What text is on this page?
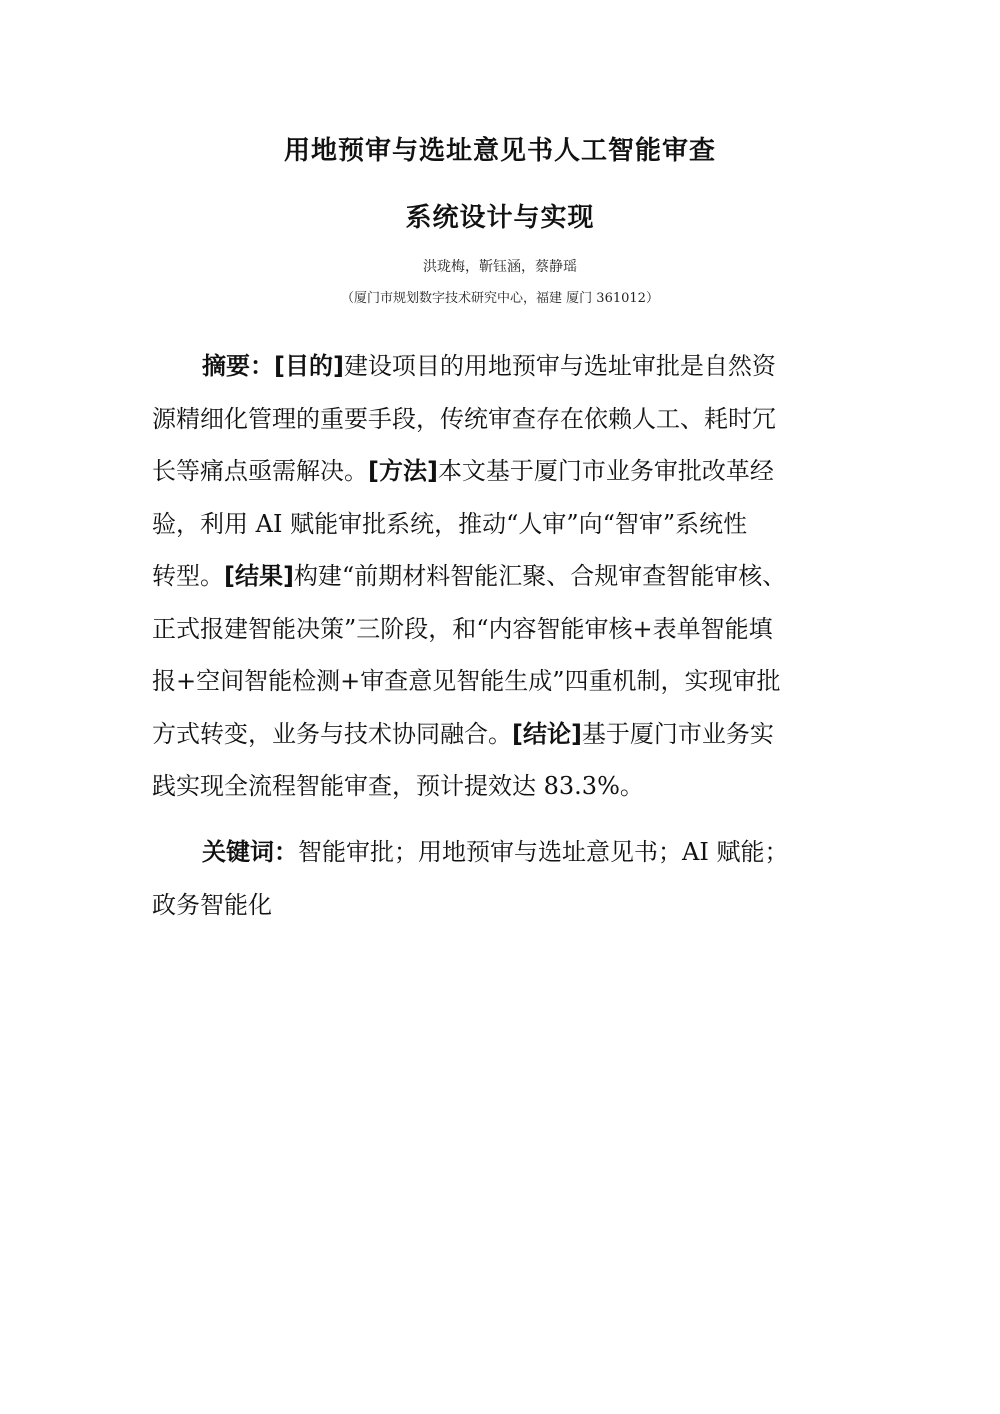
用地预审与选址意见书人工智能审查
系统设计与实现
洪珑梅，靳钰涵，蔡静瑶
（厦门市规划数字技术研究中心，福建 厦门 361012）
摘要：[目的]建设项目的用地预审与选址审批是自然资
源精细化管理的重要手段，传统审查存在依赖人工、耗时冗
长等痛点亟需解决。[方法]本文基于厦门市业务审批改革经
验，利用 AI 赋能审批系统，推动“人审”向“智审”系统性
转型。[结果]构建“前期材料智能汇聚、合规审查智能审核、
正式报建智能决策”三阶段，和“内容智能审核+表单智能填
报+空间智能检测+审查意见智能生成”四重机制，实现审批
方式转变，业务与技术协同融合。[结论]基于厦门市业务实
践实现全流程智能审查，预计提效达 83.3%。
关键词：智能审批；用地预审与选址意见书；AI 赋能；
政务智能化
